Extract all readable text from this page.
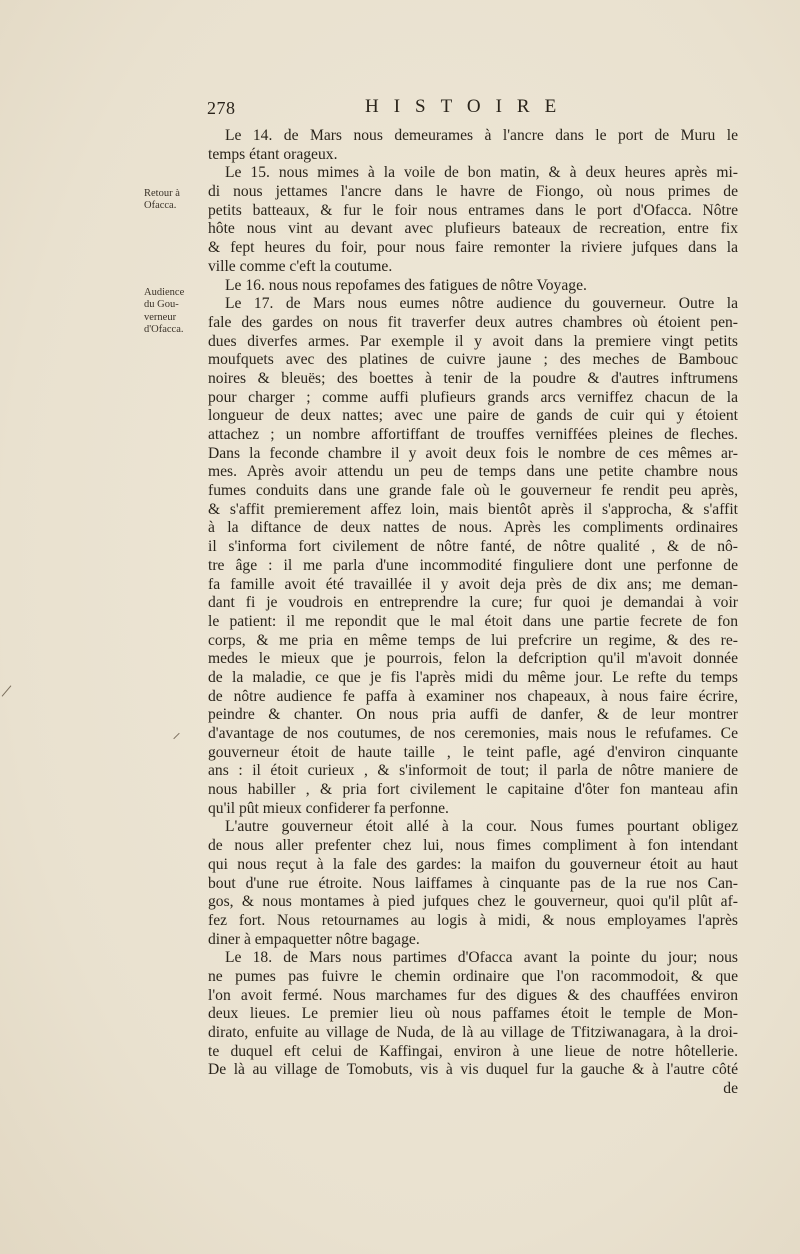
278	HISTOIRE
Retour à
Ofacca.
Audience
du Gou-
verneur
d'Ofacca.
Le 14. de Mars nous demeurames à l'ancre dans le port de Muru le
temps étant orageux.
Le 15. nous mimes à la voile de bon matin, & à deux heures après mi-
di nous jettames l'ancre dans le havre de Fiongo, où nous primes de
petits batteaux, & fur le foir nous entrames dans le port d'Ofacca. Nôtre
hôte nous vint au devant avec plufieurs bateaux de recreation, entre fix
& fept heures du foir, pour nous faire remonter la riviere jufques dans la
ville comme c'eft la coutume.
Le 16. nous nous repofames des fatigues de nôtre Voyage.
Le 17. de Mars nous eumes nôtre audience du gouverneur. Outre la
fale des gardes on nous fit traverfer deux autres chambres où étoient pen-
dues diverfes armes. Par exemple il y avoit dans la premiere vingt petits
moufquets avec des platines de cuivre jaune ; des meches de Bambouc
noires & bleuës; des boettes à tenir de la poudre & d'autres inftrumens
pour charger ; comme auffi plufieurs grands arcs verniffez chacun de la
longueur de deux nattes; avec une paire de gands de cuir qui y étoient
attachez ; un nombre affortiffant de trouffes verniffées pleines de fleches.
Dans la feconde chambre il y avoit deux fois le nombre de ces mêmes ar-
mes. Après avoir attendu un peu de temps dans une petite chambre nous
fumes conduits dans une grande fale où le gouverneur fe rendit peu après,
& s'affit premierement affez loin, mais bientôt après il s'approcha, & s'affit
à la diftance de deux nattes de nous. Après les compliments ordinaires
il s'informa fort civilement de nôtre fanté, de nôtre qualité , & de nô-
tre âge : il me parla d'une incommodité finguliere dont une perfonne de
fa famille avoit été travaillée il y avoit deja près de dix ans; me deman-
dant fi je voudrois en entreprendre la cure; fur quoi je demandai à voir
le patient: il me repondit que le mal étoit dans une partie fecrete de fon
corps, & me pria en même temps de lui prefcrire un regime, & des re-
medes le mieux que je pourrois, felon la defcription qu'il m'avoit donnée
de la maladie, ce que je fis l'après midi du même jour. Le refte du temps
de nôtre audience fe paffa à examiner nos chapeaux, à nous faire écrire,
peindre & chanter. On nous pria auffi de danfer, & de leur montrer
d'avantage de nos coutumes, de nos ceremonies, mais nous le refufames. Ce
gouverneur étoit de haute taille , le teint pafle, agé d'environ cinquante
ans : il étoit curieux , & s'informoit de tout; il parla de nôtre maniere de
nous habiller , & pria fort civilement le capitaine d'ôter fon manteau afin
qu'il pût mieux confiderer fa perfonne.
L'autre gouverneur étoit allé à la cour. Nous fumes pourtant obligez
de nous aller prefenter chez lui, nous fimes compliment à fon intendant
qui nous reçut à la fale des gardes: la maifon du gouverneur étoit au haut
bout d'une rue étroite. Nous laiffames à cinquante pas de la rue nos Can-
gos, & nous montames à pied jufques chez le gouverneur, quoi qu'il plût af-
fez fort. Nous retournames au logis à midi, & nous employames l'après
diner à empaquetter nôtre bagage.
Le 18. de Mars nous partimes d'Ofacca avant la pointe du jour; nous
ne pumes pas fuivre le chemin ordinaire que l'on racommodoit, & que
l'on avoit fermé. Nous marchames fur des digues & des chauffées environ
deux lieues. Le premier lieu où nous paffames étoit le temple de Mon-
dirato, enfuite au village de Nuda, de là au village de Tfitziwanagara, à la droi-
te duquel eft celui de Kaffingai, environ à une lieue de notre hôtellerie.
De là au village de Tomobuts, vis à vis duquel fur la gauche & à l'autre côté
de
